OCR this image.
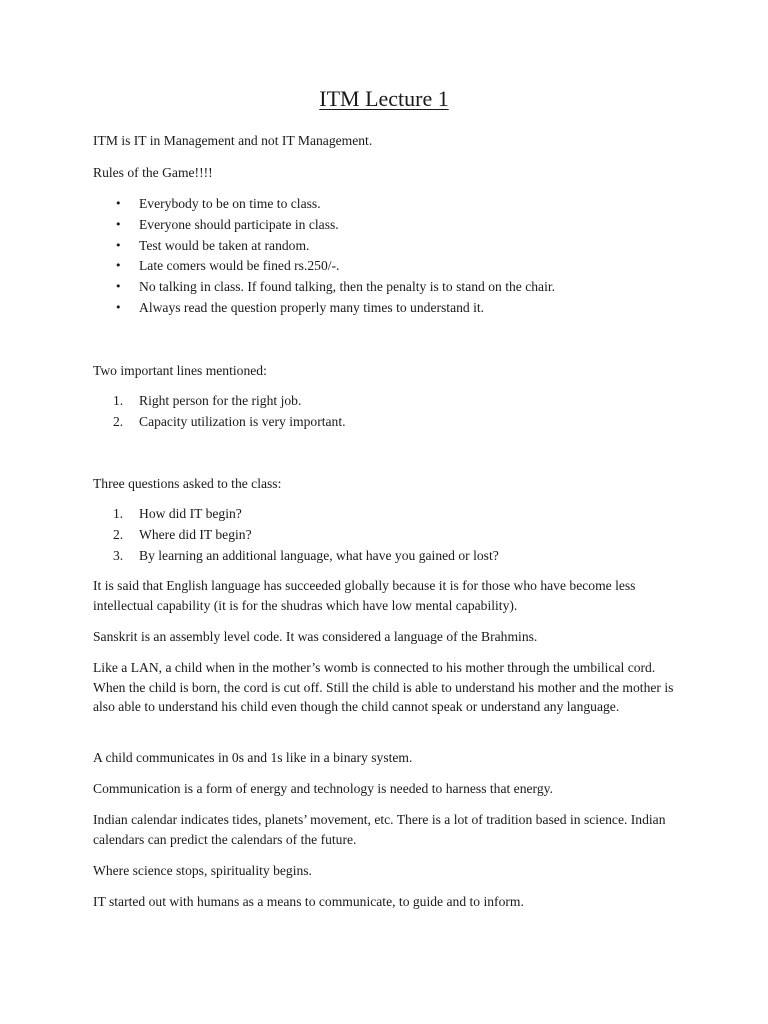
ITM Lecture 1

ITM is IT in Management and not IT Management.

Rules of the Game!!!!

• Everybody to be on time to class.
• Everyone should participate in class.
• Test would be taken at random.
• Late comers would be fined rs.250/-.
• No talking in class. If found talking, then the penalty is to stand on the chair.
• Always read the question properly many times to understand it.

Two important lines mentioned:

1. Right person for the right job.
2. Capacity utilization is very important.

Three questions asked to the class:

1. How did IT begin?
2. Where did IT begin?
3. By learning an additional language, what have you gained or lost?

It is said that English language has succeeded globally because it is for those who have become less intellectual capability (it is for the shudras which have low mental capability).

Sanskrit is an assembly level code. It was considered a language of the Brahmins.

Like a LAN, a child when in the mother’s womb is connected to his mother through the umbilical cord. When the child is born, the cord is cut off. Still the child is able to understand his mother and the mother is also able to understand his child even though the child cannot speak or understand any language.

A child communicates in 0s and 1s like in a binary system.

Communication is a form of energy and technology is needed to harness that energy.

Indian calendar indicates tides, planets’ movement, etc. There is a lot of tradition based in science. Indian calendars can predict the calendars of the future.

Where science stops, spirituality begins.

IT started out with humans as a means to communicate, to guide and to inform.
